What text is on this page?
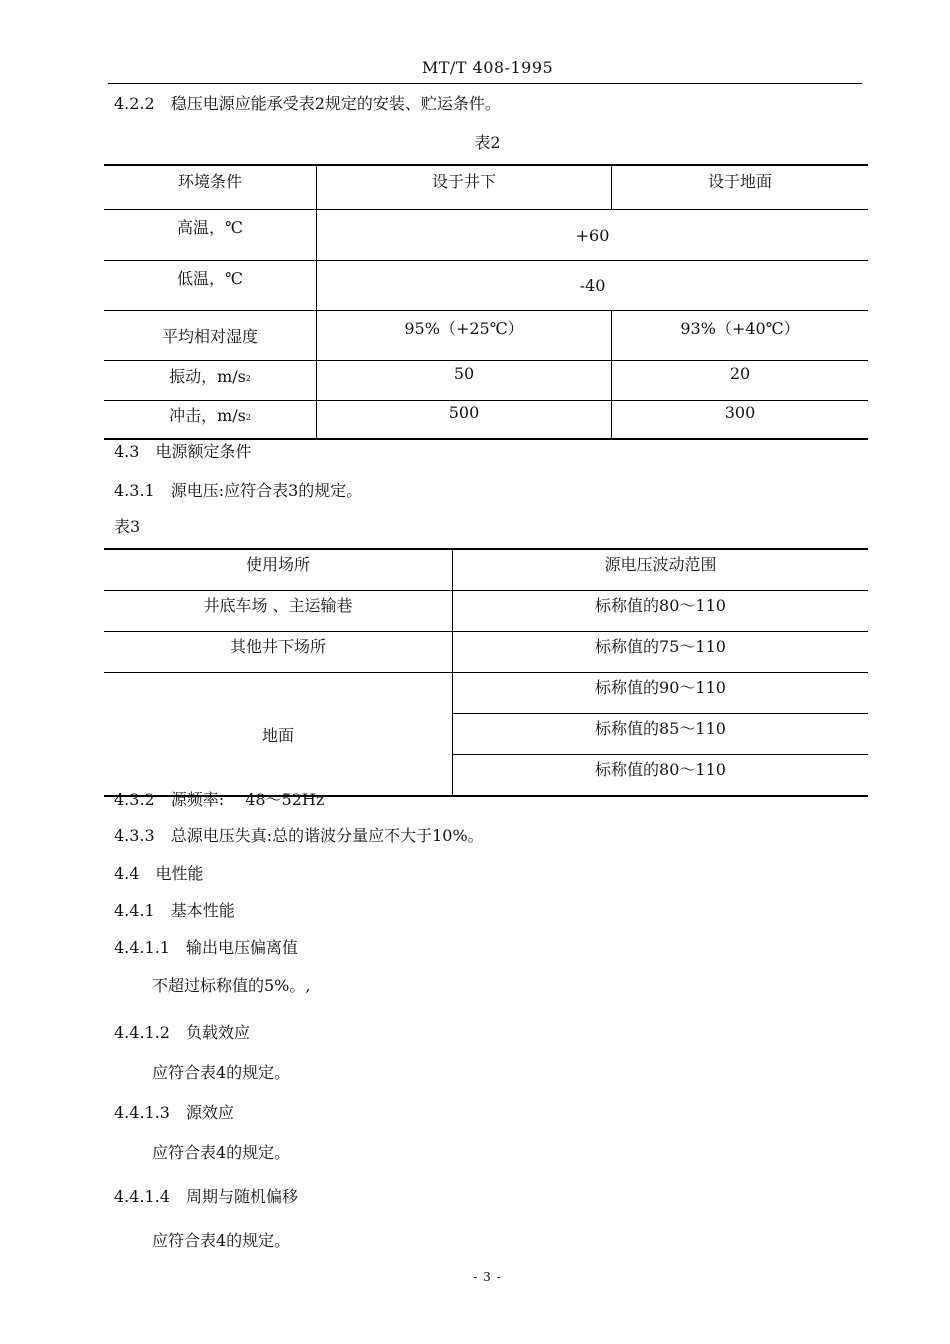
MT/T 408-1995
4.2.2　稳压电源应能承受表2规定的安装、贮运条件。
表2
环境条件	设于井下	设于地面
高温，℃	+60	
低温，℃	-40	
平均相对湿度	95%（+25℃）	93%（+40℃）
振动，$m/s^2$	50	20
冲击，$m/s^2$	500	300
4.3　电源额定条件
4.3.1　源电压:应符合表3的规定。
表3
使用场所	源电压波动范围
井底车场 、主运输巷	标称值的80～110
其他井下场所	标称值的75～110
地面	标称值的90～110
	标称值的85～110
	标称值的80～110
4.3.2　源频率:　 48～52Hz
4.3.3　总源电压失真:总的谐波分量应不大于10%。
4.4　电性能
4.4.1　基本性能
4.4.1.1　输出电压偏离值
不超过标称值的5%。,
4.4.1.2　负载效应
应符合表4的规定。
4.4.1.3　源效应
应符合表4的规定。
4.4.1.4　周期与随机偏移
应符合表4的规定。
- 3 -
